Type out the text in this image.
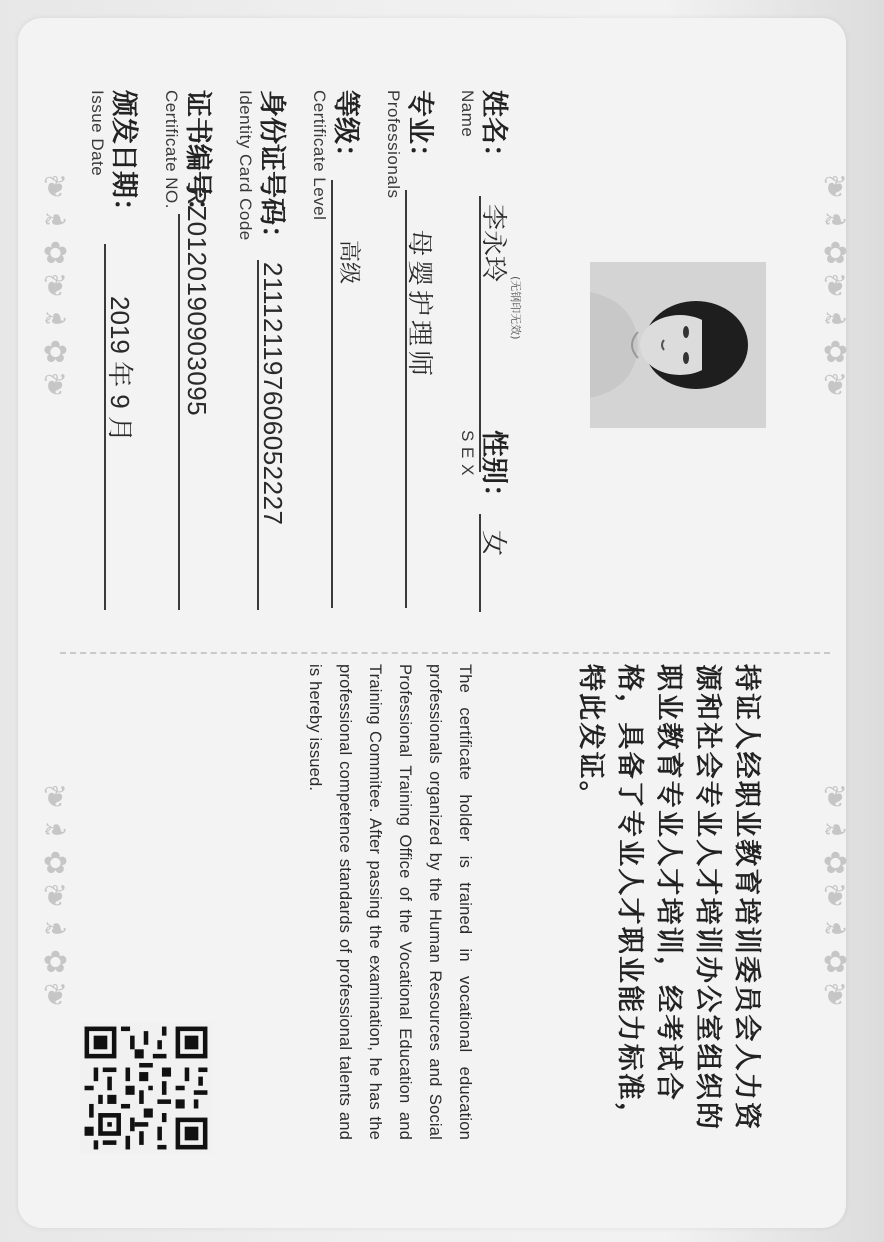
❦❧✿❦❧✿❦
❦❧✿❦❧✿❦
❦❧✿❦❧✿❦
❦❧✿❦❧✿❦
(无钢印无效)
姓名：
Name
李永玲
性别：
S E X
女
专业：
Professionals
母婴护理师
等级：
Certificate Level
高级
身份证号码：
Identity Card Code
211121197606052227
证书编号：
Certificate NO.
RZ0120190903095
颁发日期：
Issue Date
2019 年 9 月
持证人经职业教育培训委员会人力资源和社会专业人才培训办公室组织的职业教育专业人才培训，经考试合格，具备了专业人才职业能力标准，特此发证。
The certificate holder is trained in vocational education professionals organized by the Human Resources and Social Professional Training Office of the Vocational Education and Training Commitee. After passing the examination, he has the professional competence standards of professional talents and is hereby issued.
